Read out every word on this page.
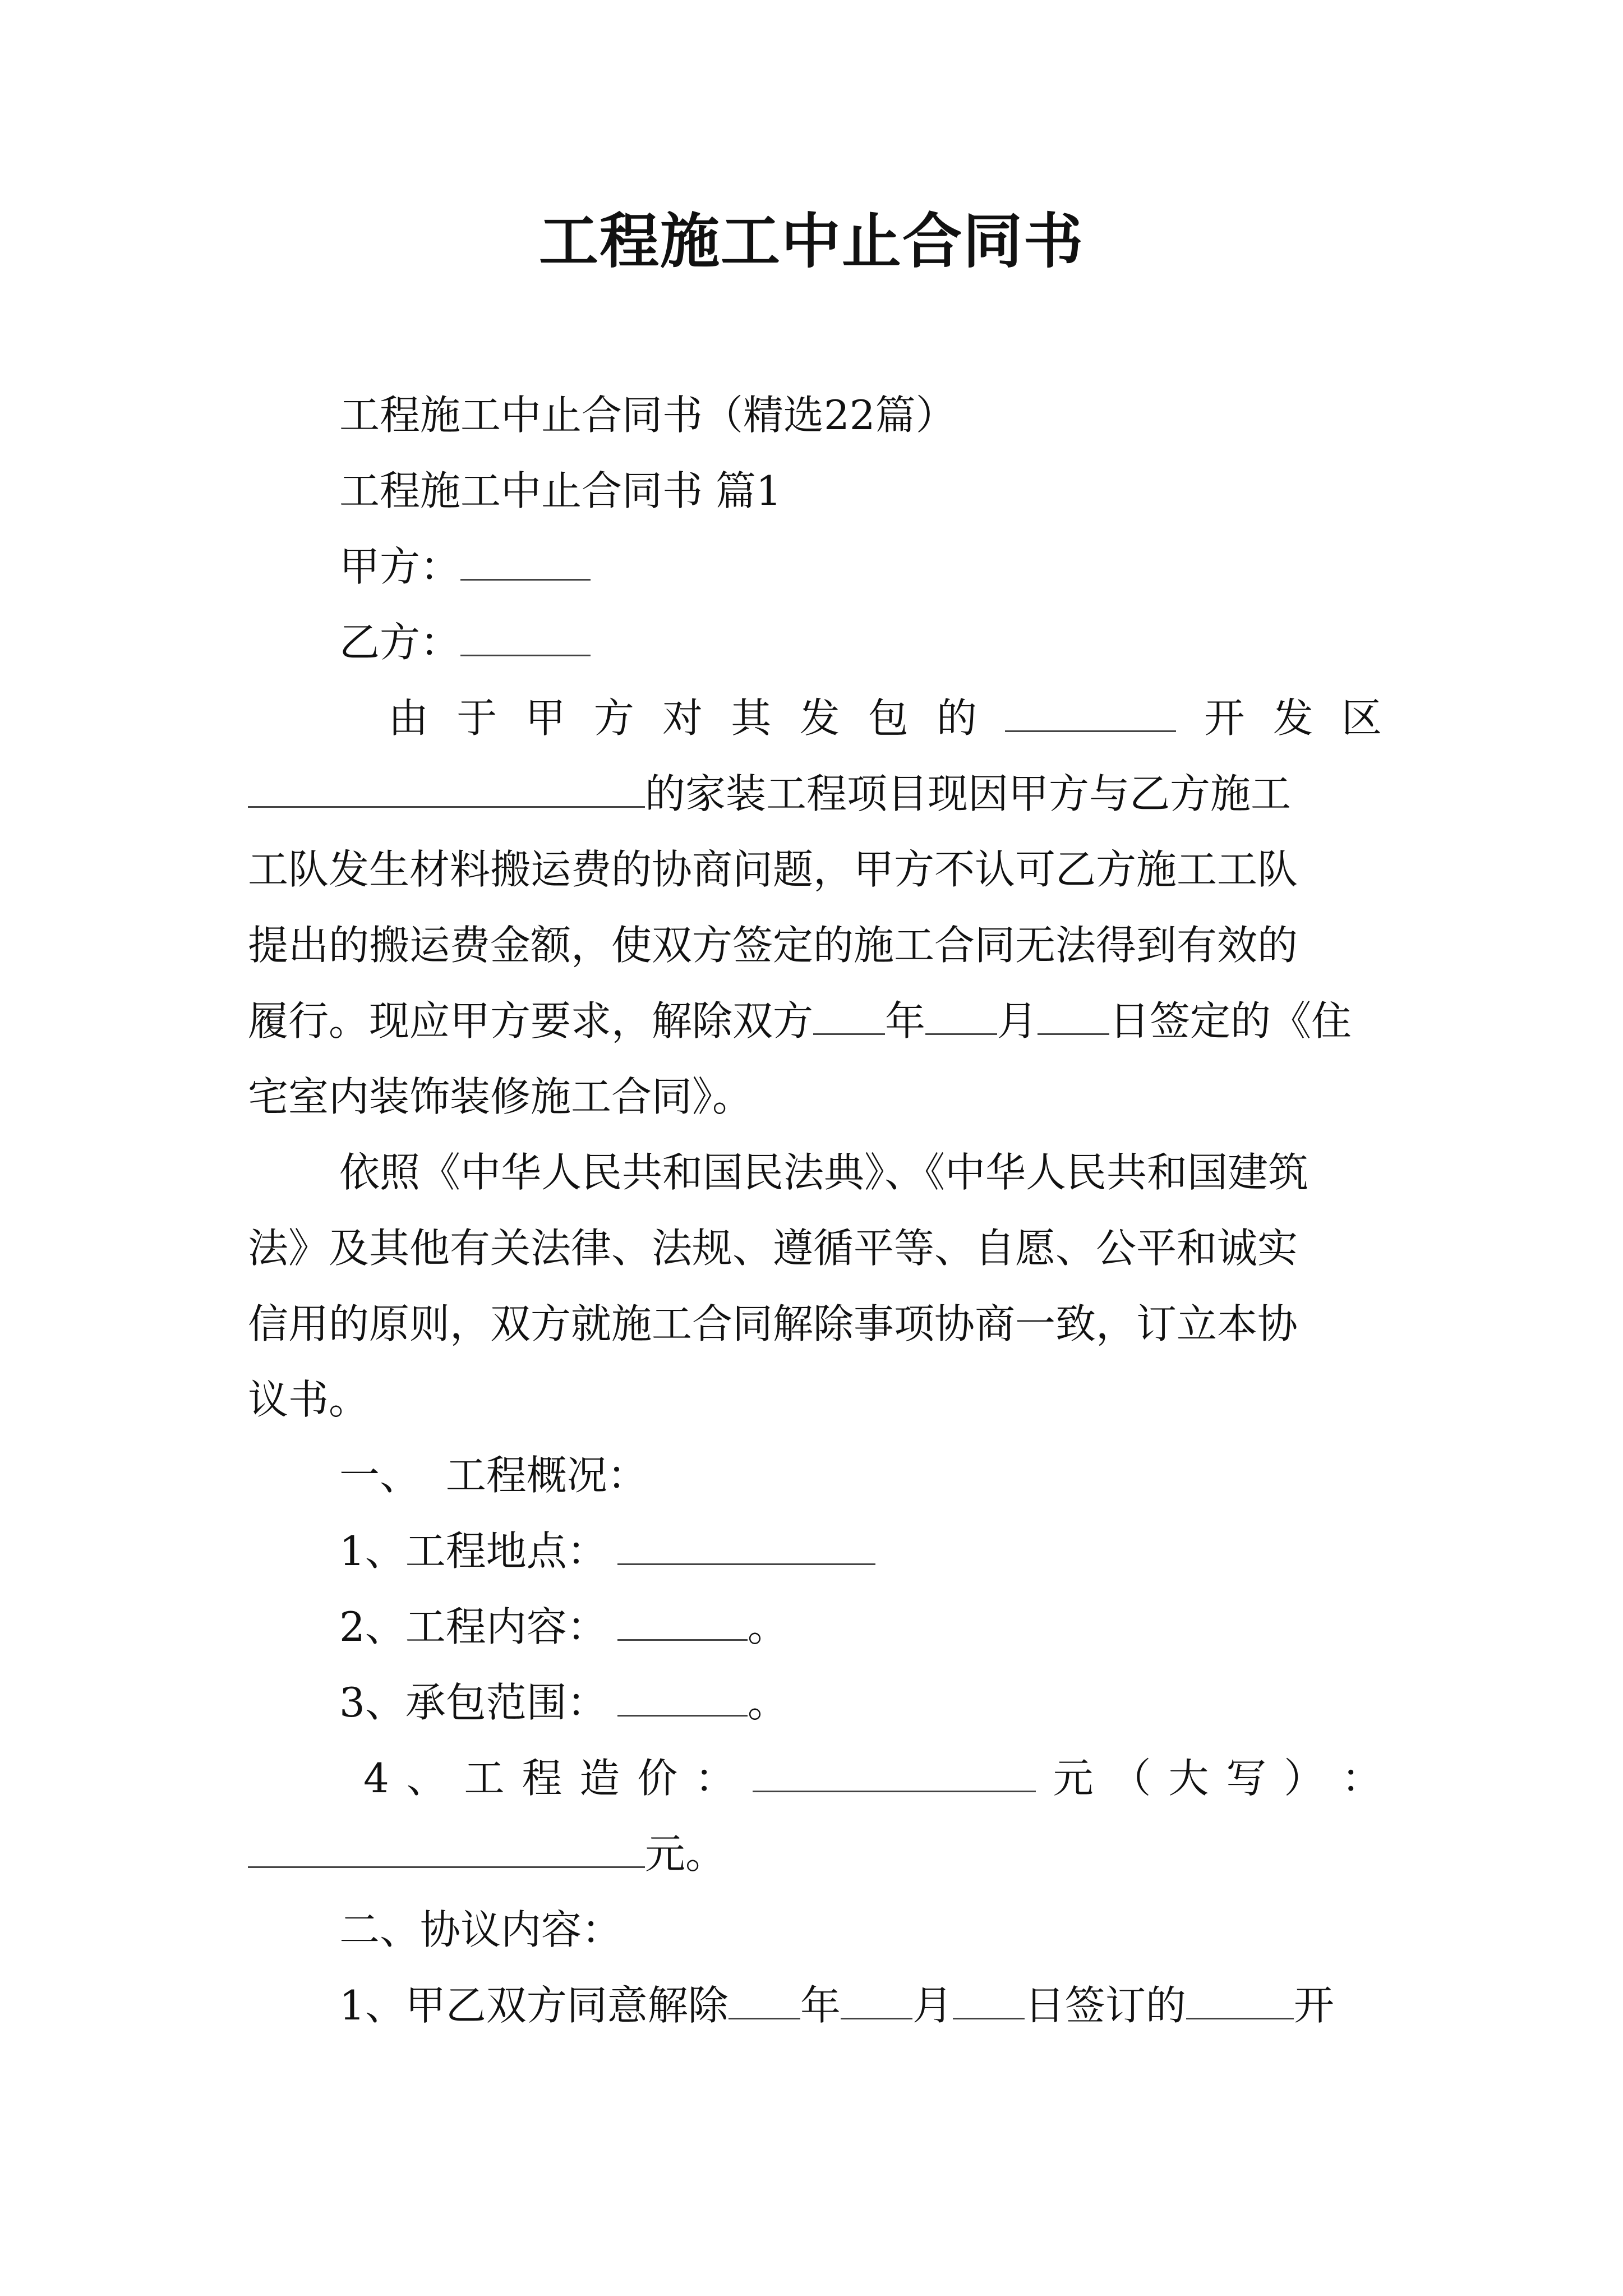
工程施工中止合同书
工程施工中止合同书（精选22篇）
工程施工中止合同书 篇1
甲方：
乙方：
由 于 甲 方 对 其 发 包 的	开 发 区
的家装工程项目现因甲方与乙方施工
工队发生材料搬运费的协商问题，甲方不认可乙方施工工队
提出的搬运费金额，使双方签定的施工合同无法得到有效的
履行。现应甲方要求，解除双方 年 月 日签定的《住
宅室内装饰装修施工合同》。
依照《中华人民共和国民法典》、《中华人民共和国建筑
法》及其他有关法律、法规、遵循平等、自愿、公平和诚实
信用的原则，双方就施工合同解除事项协商一致，订立本协
议书。
一、  工程概况：
1、工程地点：
2、工程内容：	。
3、承包范围：	。
4 、 工 程 造 价 ：	元 （ 大 写 ） ：
元。
二、协议内容：
1、甲乙双方同意解除 年 月 日签订的	开
